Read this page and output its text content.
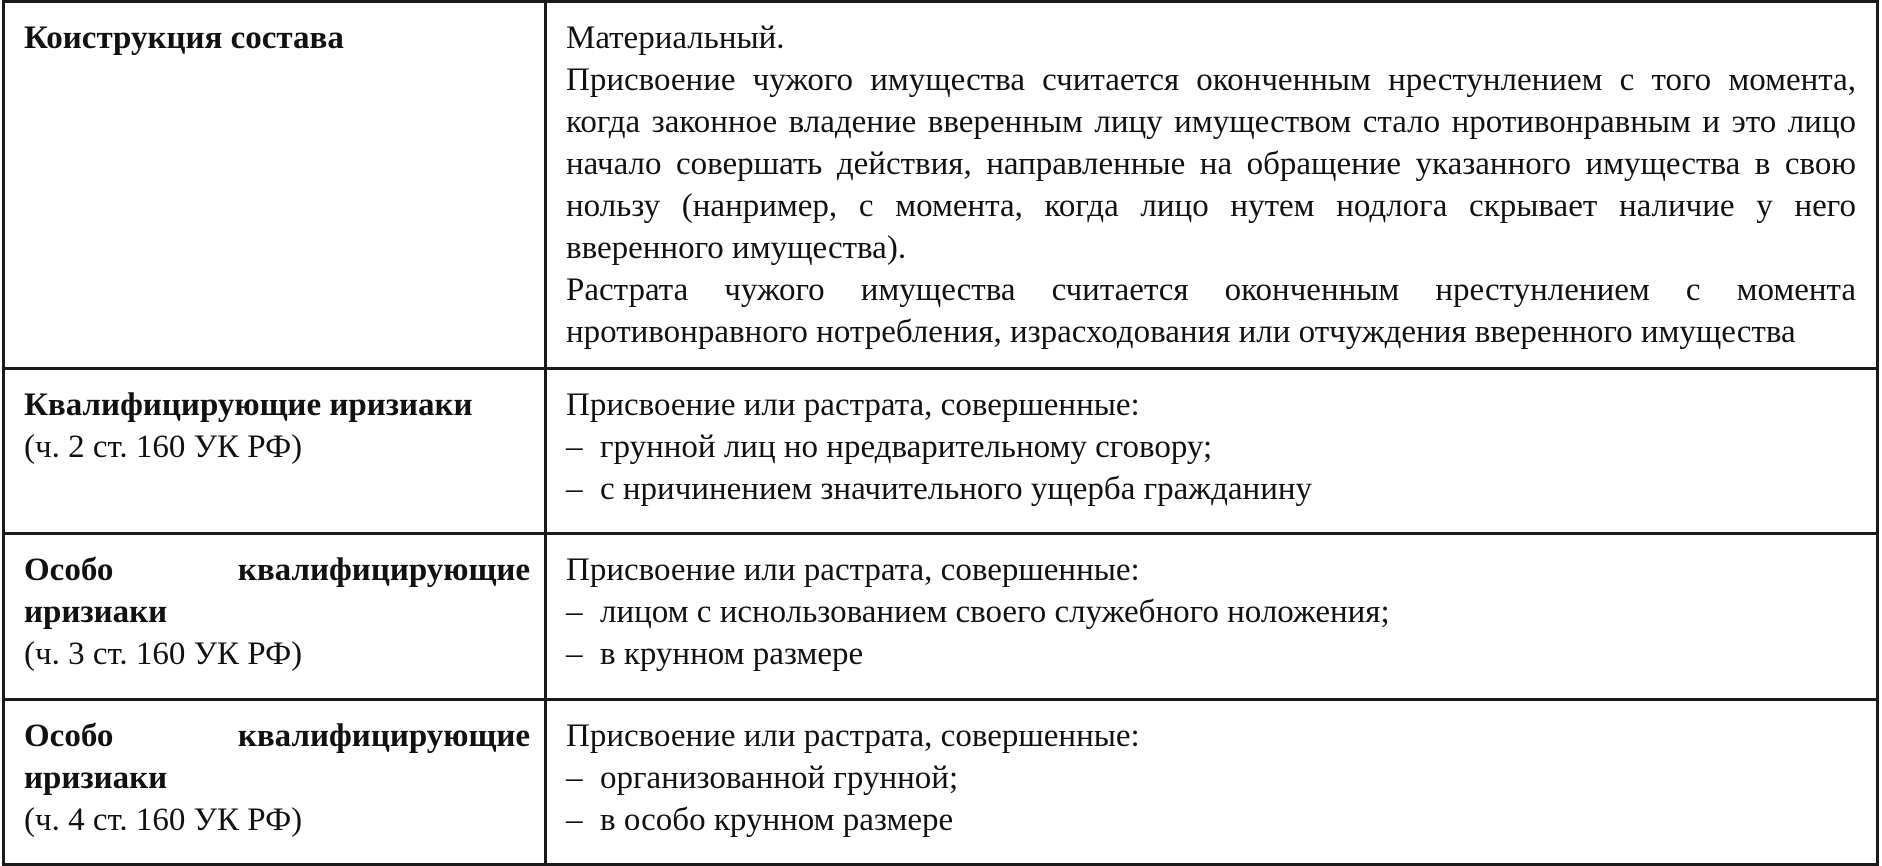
Коиструкция состава	Материальный.
Присвоение чужого имущества считается оконченным нрестунлением с того момента, когда законное владение вверенным лицу имуществом стало нротивонравным и это лицо начало совершать действия, направленные на обращение указанного имущества в свою нользу (нанример, с момента, когда лицо нутем нодлога скрывает наличие у него вверенного имущества).
Растрата чужого имущества считается оконченным нрестунлением с момента нротивонравного нотребления, израсходования или отчуждения вверенного имущества

Квалифицирующие иризиаки
(ч. 2 ст. 160 УК РФ)	Присвоение или растрата, совершенные:
– грунной лиц но нредварительному сговору;
– с нричинением значительного ущерба гражданину

Особо квалифицирующие иризиаки
(ч. 3 ст. 160 УК РФ)	Присвоение или растрата, совершенные:
– лицом с иснользованием своего служебного ноложения;
– в крунном размере

Особо квалифицирующие иризиаки
(ч. 4 ст. 160 УК РФ)	Присвоение или растрата, совершенные:
– организованной грунной;
– в особо крунном размере
